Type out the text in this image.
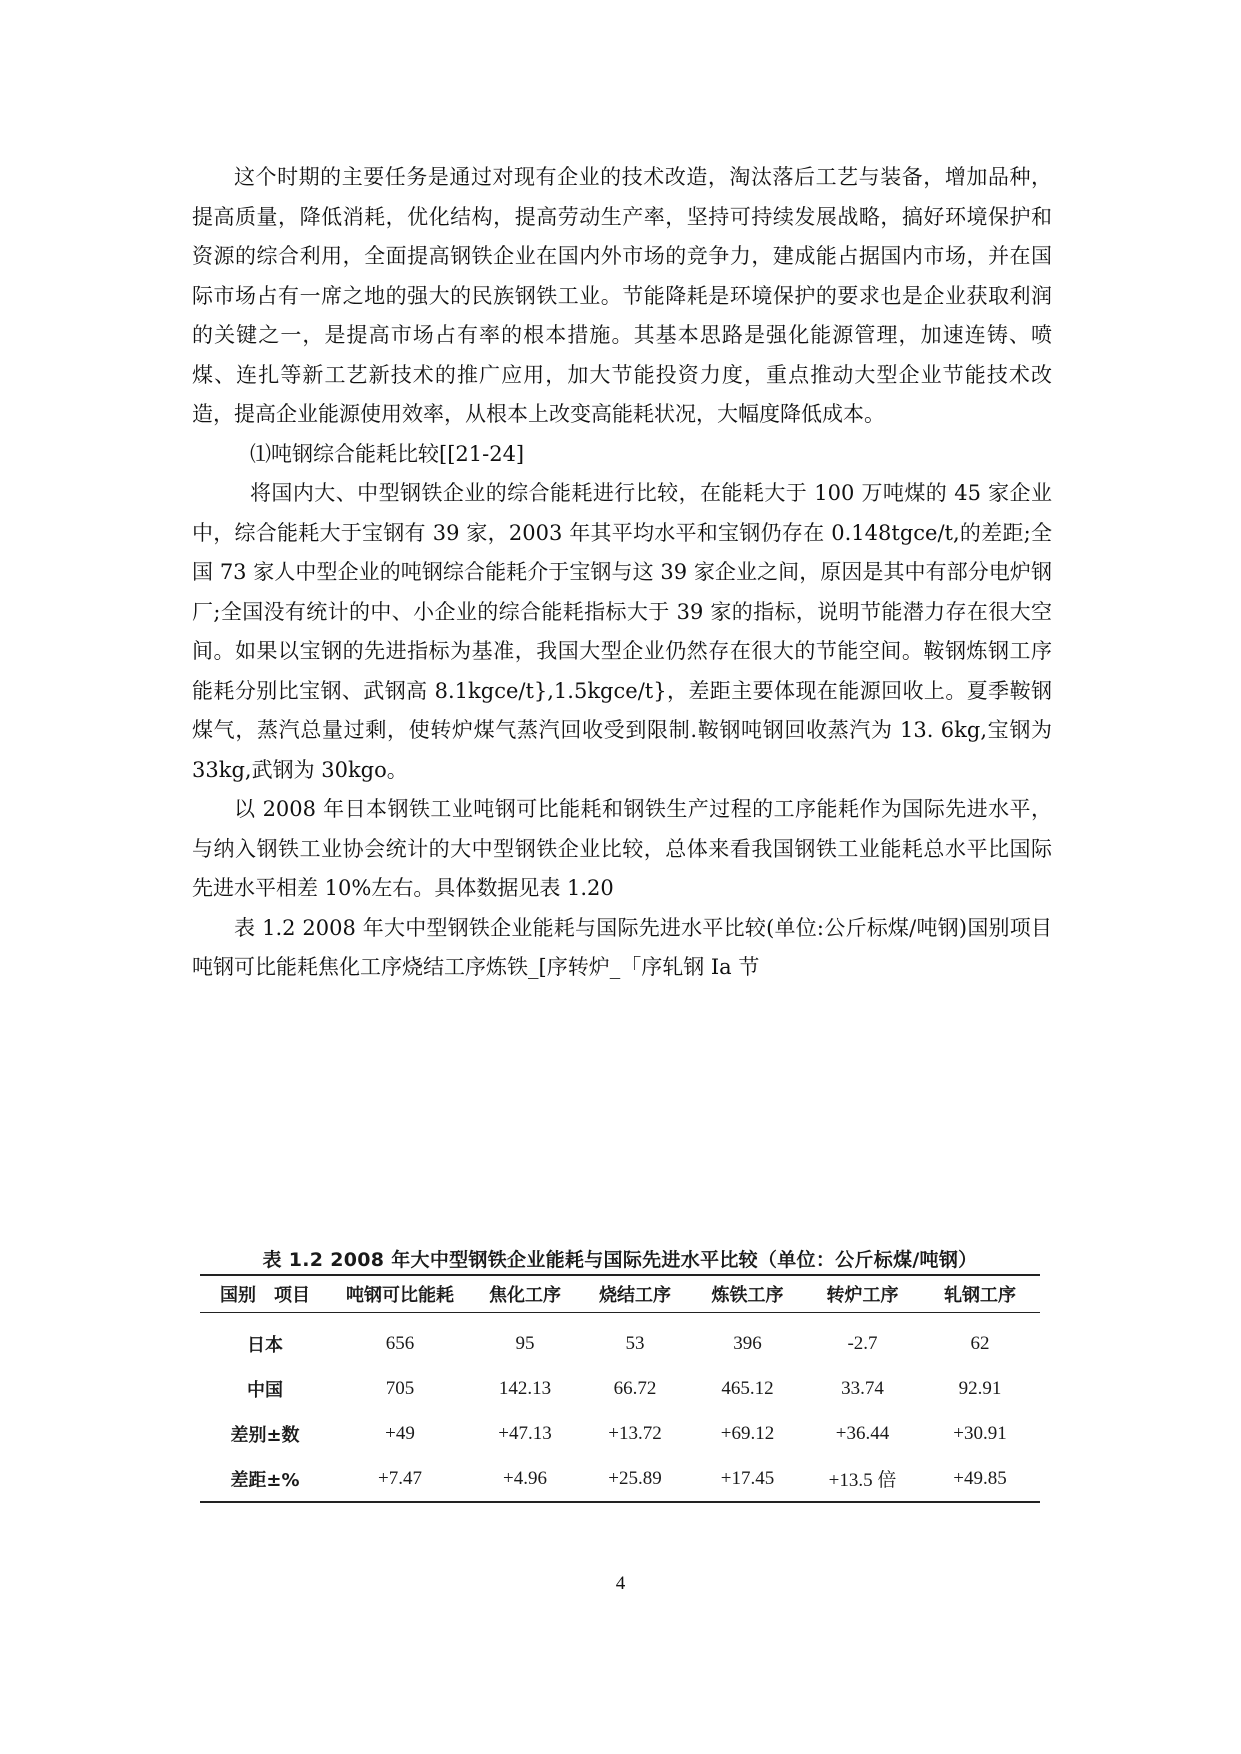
这个时期的主要任务是通过对现有企业的技术改造，淘汰落后工艺与装备，增加品种，提高质量，降低消耗，优化结构，提高劳动生产率，坚持可持续发展战略，搞好环境保护和资源的综合利用，全面提高钢铁企业在国内外市场的竞争力，建成能占据国内市场，并在国际市场占有一席之地的强大的民族钢铁工业。节能降耗是环境保护的要求也是企业获取利润的关键之一，是提高市场占有率的根本措施。其基本思路是强化能源管理，加速连铸、喷煤、连扎等新工艺新技术的推广应用，加大节能投资力度，重点推动大型企业节能技术改造，提高企业能源使用效率，从根本上改变高能耗状况，大幅度降低成本。

⑴吨钢综合能耗比较[[21-24]

将国内大、中型钢铁企业的综合能耗进行比较，在能耗大于 100 万吨煤的 45 家企业中，综合能耗大于宝钢有 39 家，2003 年其平均水平和宝钢仍存在 0.148tgce/t,的差距;全国 73 家人中型企业的吨钢综合能耗介于宝钢与这 39 家企业之间，原因是其中有部分电炉钢厂;全国没有统计的中、小企业的综合能耗指标大于 39 家的指标，说明节能潜力存在很大空间。如果以宝钢的先进指标为基准，我国大型企业仍然存在很大的节能空间。鞍钢炼钢工序能耗分别比宝钢、武钢高 8.1kgce/t},1.5kgce/t}，差距主要体现在能源回收上。夏季鞍钢煤气，蒸汽总量过剩，使转炉煤气蒸汽回收受到限制.鞍钢吨钢回收蒸汽为 13. 6kg,宝钢为 33kg,武钢为 30kgo。

以 2008 年日本钢铁工业吨钢可比能耗和钢铁生产过程的工序能耗作为国际先进水平，与纳入钢铁工业协会统计的大中型钢铁企业比较，总体来看我国钢铁工业能耗总水平比国际先进水平相差 10%左右。具体数据见表 1.20

表 1.2 2008 年大中型钢铁企业能耗与国际先进水平比较(单位:公斤标煤/吨钢)国别项目吨钢可比能耗焦化工序烧结工序炼铁_[序转炉_「序轧钢 Ia 节

表 1.2 2008 年大中型钢铁企业能耗与国际先进水平比较（单位：公斤标煤/吨钢）
国别　项目	吨钢可比能耗	焦化工序	烧结工序	炼铁工序	转炉工序	轧钢工序
日本	656	95	53	396	-2.7	62
中国	705	142.13	66.72	465.12	33.74	92.91
差别±数	+49	+47.13	+13.72	+69.12	+36.44	+30.91
差距±%	+7.47	+4.96	+25.89	+17.45	+13.5 倍	+49.85
4
